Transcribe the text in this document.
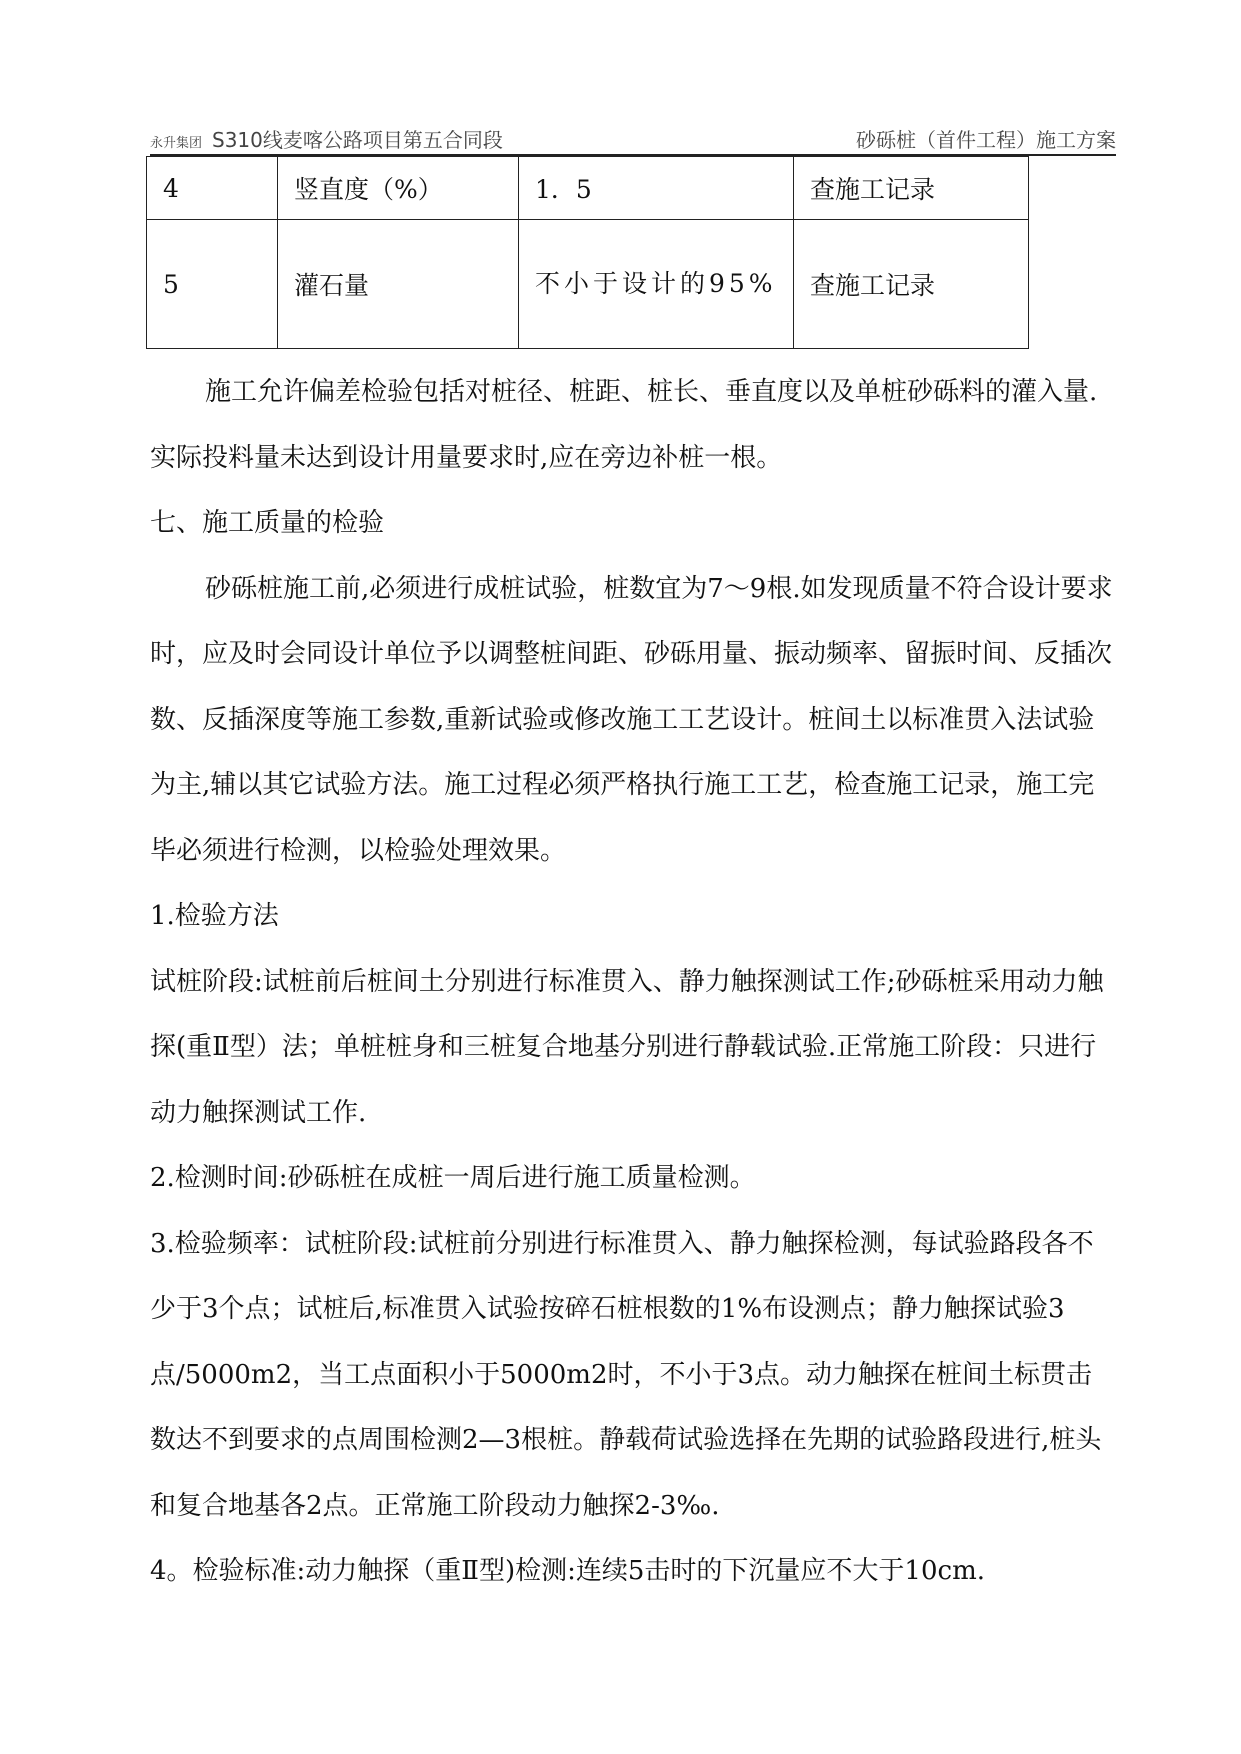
永升集团 S310线麦喀公路项目第五合同段	砂砾桩（首件工程）施工方案
4	竖直度（%）	1．5	查施工记录
5	灌石量	不小于设计的95%	查施工记录

施工允许偏差检验包括对桩径、桩距、桩长、垂直度以及单桩砂砾料的灌入量.实际投料量未达到设计用量要求时,应在旁边补桩一根。

七、施工质量的检验

砂砾桩施工前,必须进行成桩试验，桩数宜为7～9根.如发现质量不符合设计要求时，应及时会同设计单位予以调整桩间距、砂砾用量、振动频率、留振时间、反插次数、反插深度等施工参数,重新试验或修改施工工艺设计。桩间土以标准贯入法试验为主,辅以其它试验方法。施工过程必须严格执行施工工艺，检查施工记录，施工完毕必须进行检测，以检验处理效果。

1.检验方法

试桩阶段:试桩前后桩间土分别进行标准贯入、静力触探测试工作;砂砾桩采用动力触探(重Ⅱ型）法；单桩桩身和三桩复合地基分别进行静载试验.正常施工阶段：只进行动力触探测试工作.

2.检测时间:砂砾桩在成桩一周后进行施工质量检测。

3.检验频率：试桩阶段:试桩前分别进行标准贯入、静力触探检测，每试验路段各不少于3个点；试桩后,标准贯入试验按碎石桩根数的1%布设测点；静力触探试验3点/5000m2，当工点面积小于5000m2时，不小于3点。动力触探在桩间土标贯击数达不到要求的点周围检测2—3根桩。静载荷试验选择在先期的试验路段进行,桩头和复合地基各2点。正常施工阶段动力触探2-3‰.

4。检验标准:动力触探（重Ⅱ型)检测:连续5击时的下沉量应不大于10cm.
